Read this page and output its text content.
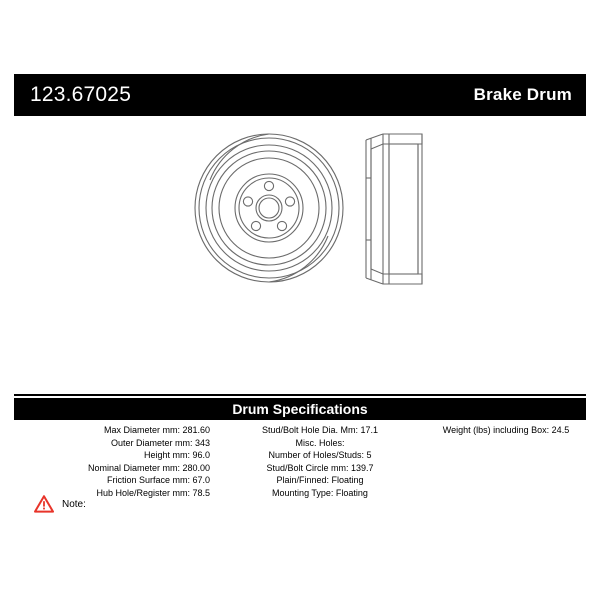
123.67025	Brake Drum
Drum Specifications
Max Diameter mm: 281.60
Outer Diameter mm: 343
Height mm: 96.0
Nominal Diameter mm: 280.00
Friction Surface mm: 67.0
Hub Hole/Register mm: 78.5
Stud/Bolt Hole Dia. Mm: 17.1
Misc. Holes:
Number of Holes/Studs: 5
Stud/Bolt Circle mm: 139.7
Plain/Finned: Floating
Mounting Type: Floating
Weight (lbs) including Box: 24.5
Note:
